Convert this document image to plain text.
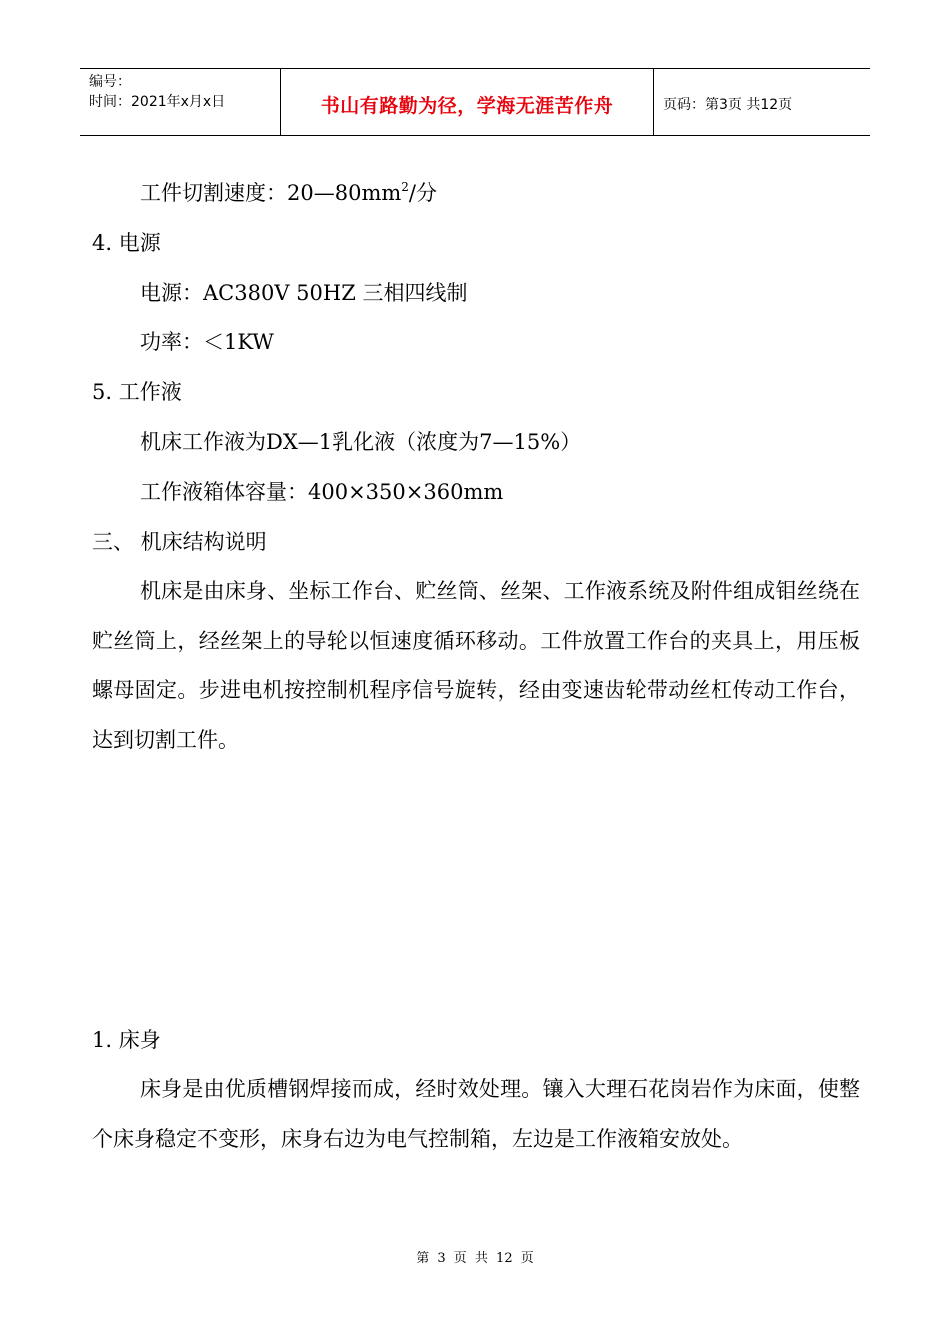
编号：
时间：2021年x月x日	书山有路勤为径，学海无涯苦作舟	页码：第3页 共12页
工件切割速度：$20—80mm^2/$分
4. 电源
电源：AC380V 50HZ 三相四线制
功率：＜1KW
5. 工作液
机床工作液为DX—1乳化液（浓度为7—15%）
工作液箱体容量：400×350×360mm
三、 机床结构说明

机床是由床身、坐标工作台、贮丝筒、丝架、工作液系统及附件组成钼丝绕在贮丝筒上，经丝架上的导轮以恒速度循环移动。工件放置工作台的夹具上，用压板螺母固定。步进电机按控制机程序信号旋转，经由变速齿轮带动丝杠传动工作台，达到切割工件。

1. 床身

床身是由优质槽钢焊接而成，经时效处理。镶入大理石花岗岩作为床面，使整个床身稳定不变形，床身右边为电气控制箱，左边是工作液箱安放处。

第 3 页 共 12 页
